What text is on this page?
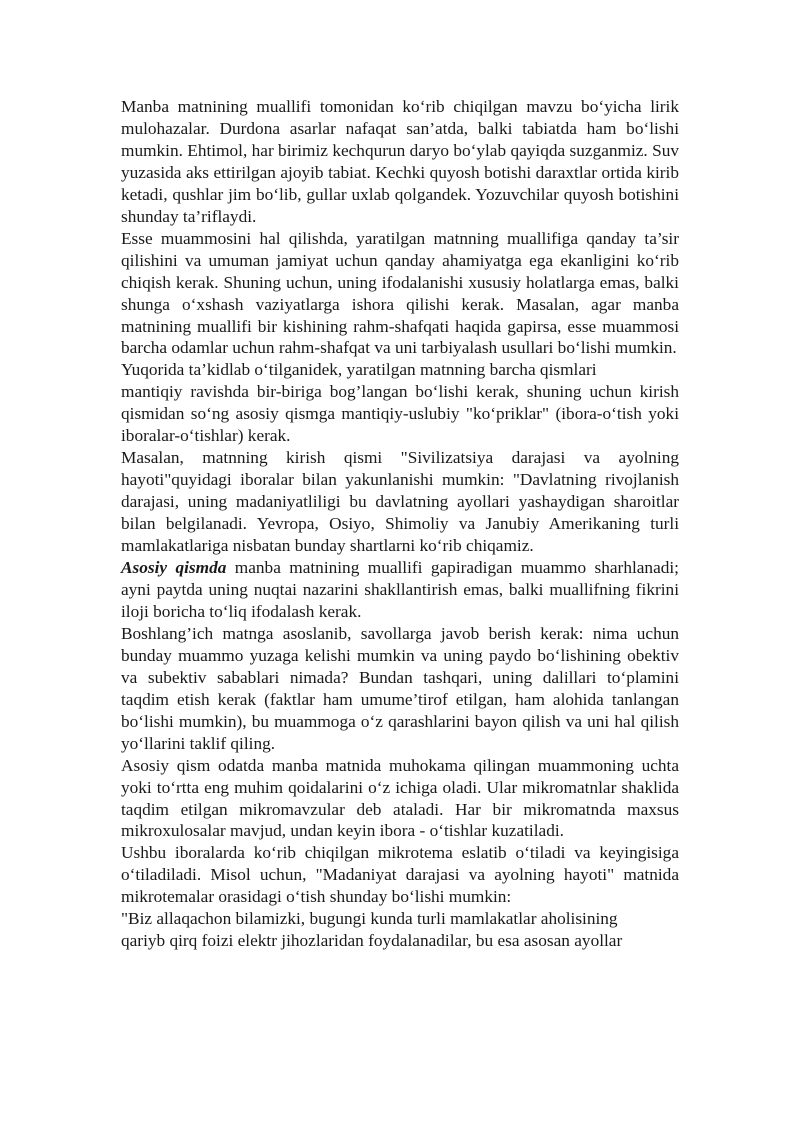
Manba matnining muallifi tomonidan ko‘rib chiqilgan mavzu bo‘yicha lirik mulohazalar. Durdona asarlar nafaqat san’atda, balki tabiatda ham bo‘lishi mumkin. Ehtimol, har birimiz kechqurun daryo bo‘ylab qayiqda suzganmiz. Suv yuzasida aks ettirilgan ajoyib tabiat. Kechki quyosh botishi daraxtlar ortida kirib ketadi, qushlar jim bo‘lib, gullar uxlab qolgandek. Yozuvchilar quyosh botishini shunday ta’riflaydi.

Esse muammosini hal qilishda, yaratilgan matnning muallifiga qanday ta’sir qilishini va umuman jamiyat uchun qanday ahamiyatga ega ekanligini ko‘rib chiqish kerak. Shuning uchun, uning ifodalanishi xususiy holatlarga emas, balki shunga o‘xshash vaziyatlarga ishora qilishi kerak. Masalan, agar manba matnining muallifi bir kishining rahm-shafqati haqida gapirsa, esse muammosi barcha odamlar uchun rahm-shafqat va uni tarbiyalash usullari bo‘lishi mumkin.

Yuqorida ta’kidlab o‘tilganidek, yaratilgan matnning barcha qismlari

mantiqiy ravishda bir-biriga bog’langan bo‘lishi kerak, shuning uchun kirish qismidan so‘ng asosiy qismga mantiqiy-uslubiy "ko‘priklar" (ibora-o‘tish yoki iboralar-o‘tishlar) kerak.

Masalan, matnning kirish qismi "Sivilizatsiya darajasi va ayolning hayoti"quyidagi iboralar bilan yakunlanishi mumkin: "Davlatning rivojlanish darajasi, uning madaniyatliligi bu davlatning ayollari yashaydigan sharoitlar bilan belgilanadi. Yevropa, Osiyo, Shimoliy va Janubiy Amerikaning turli mamlakatlariga nisbatan bunday shartlarni ko‘rib chiqamiz.

Asosiy qismda manba matnining muallifi gapiradigan muammo sharhlanadi; ayni paytda uning nuqtai nazarini shakllantirish emas, balki muallifning fikrini iloji boricha to‘liq ifodalash kerak.

Boshlang’ich matnga asoslanib, savollarga javob berish kerak: nima uchun bunday muammo yuzaga kelishi mumkin va uning paydo bo‘lishining obektiv va subektiv sabablari nimada? Bundan tashqari, uning dalillari to‘plamini taqdim etish kerak (faktlar ham umume’tirof etilgan, ham alohida tanlangan bo‘lishi mumkin), bu muammoga o‘z qarashlarini bayon qilish va uni hal qilish yo‘llarini taklif qiling.

Asosiy qism odatda manba matnida muhokama qilingan muammoning uchta yoki to‘rtta eng muhim qoidalarini o‘z ichiga oladi. Ular mikromatnlar shaklida taqdim etilgan mikromavzular deb ataladi. Har bir mikromatnda maxsus mikroxulosalar mavjud, undan keyin ibora - o‘tishlar kuzatiladi.

Ushbu iboralarda ko‘rib chiqilgan mikrotema eslatib o‘tiladi va keyingisiga o‘tiladiladi. Misol uchun, "Madaniyat darajasi va ayolning hayoti" matnida mikrotemalar orasidagi o‘tish shunday bo‘lishi mumkin:

"Biz allaqachon bilamizki, bugungi kunda turli mamlakatlar aholisining

qariyb qirq foizi elektr jihozlaridan foydalanadilar, bu esa asosan ayollar
